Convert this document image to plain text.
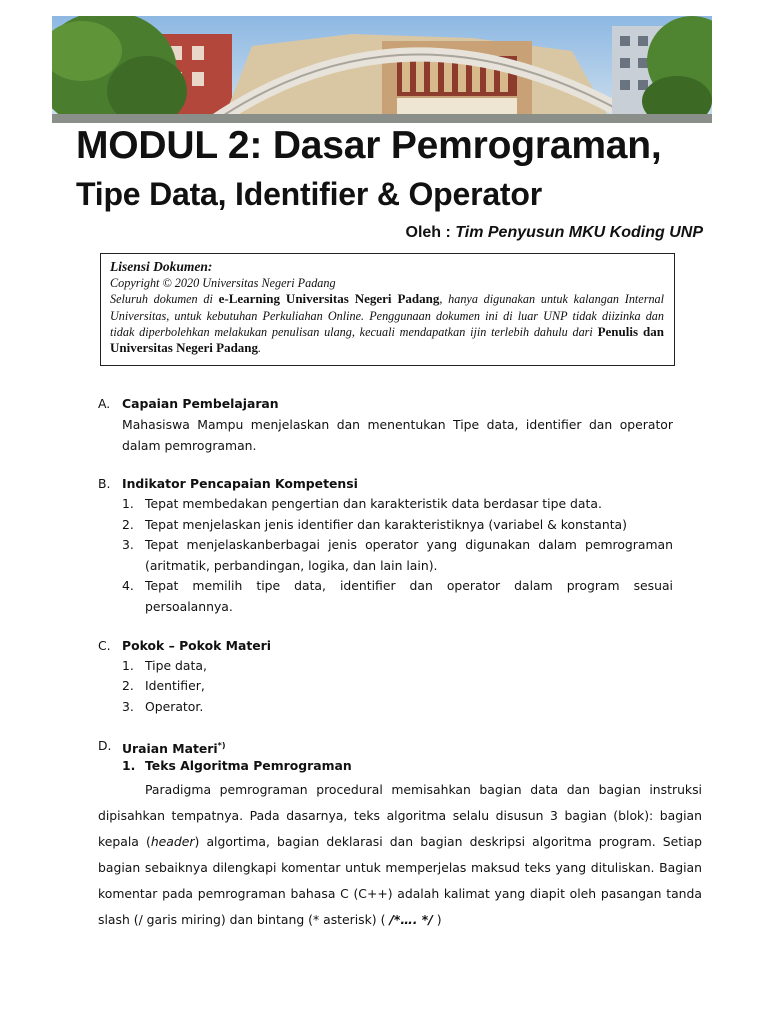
MODUL 2: Dasar Pemrograman,
Tipe Data, Identifier & Operator
Oleh : Tim Penyusun MKU Koding UNP
Lisensi Dokumen:
Copyright © 2020 Universitas Negeri Padang
Seluruh dokumen di e-Learning Universitas Negeri Padang, hanya digunakan untuk kalangan Internal Universitas, untuk kebutuhan Perkuliahan Online. Penggunaan dokumen ini di luar UNP tidak diizinka dan tidak diperbolehkan melakukan penulisan ulang, kecuali mendapatkan ijin terlebih dahulu dari Penulis dan Universitas Negeri Padang.
A. Capaian Pembelajaran
Mahasiswa Mampu menjelaskan dan menentukan Tipe data, identifier dan operator dalam pemrograman.
B. Indikator Pencapaian Kompetensi
1. Tepat membedakan pengertian dan karakteristik data berdasar tipe data.
2. Tepat menjelaskan jenis identifier dan karakteristiknya (variabel & konstanta)
3. Tepat menjelaskanberbagai jenis operator yang digunakan dalam pemrograman (aritmatik, perbandingan, logika, dan lain lain).
4. Tepat memilih tipe data, identifier dan operator dalam program sesuai persoalannya.
C. Pokok – Pokok Materi
1. Tipe data,
2. Identifier,
3. Operator.
D. Uraian Materi*)
1. Teks Algoritma Pemrograman
Paradigma pemrograman procedural memisahkan bagian data dan bagian instruksi dipisahkan tempatnya. Pada dasarnya, teks algoritma selalu disusun 3 bagian (blok): bagian kepala (header) algortima, bagian deklarasi dan bagian deskripsi algoritma program. Setiap bagian sebaiknya dilengkapi komentar untuk memperjelas maksud teks yang dituliskan. Bagian komentar pada pemrograman bahasa C (C++) adalah kalimat yang diapit oleh pasangan tanda slash (/ garis miring) dan bintang (* asterisk) ( /*…. */ )
